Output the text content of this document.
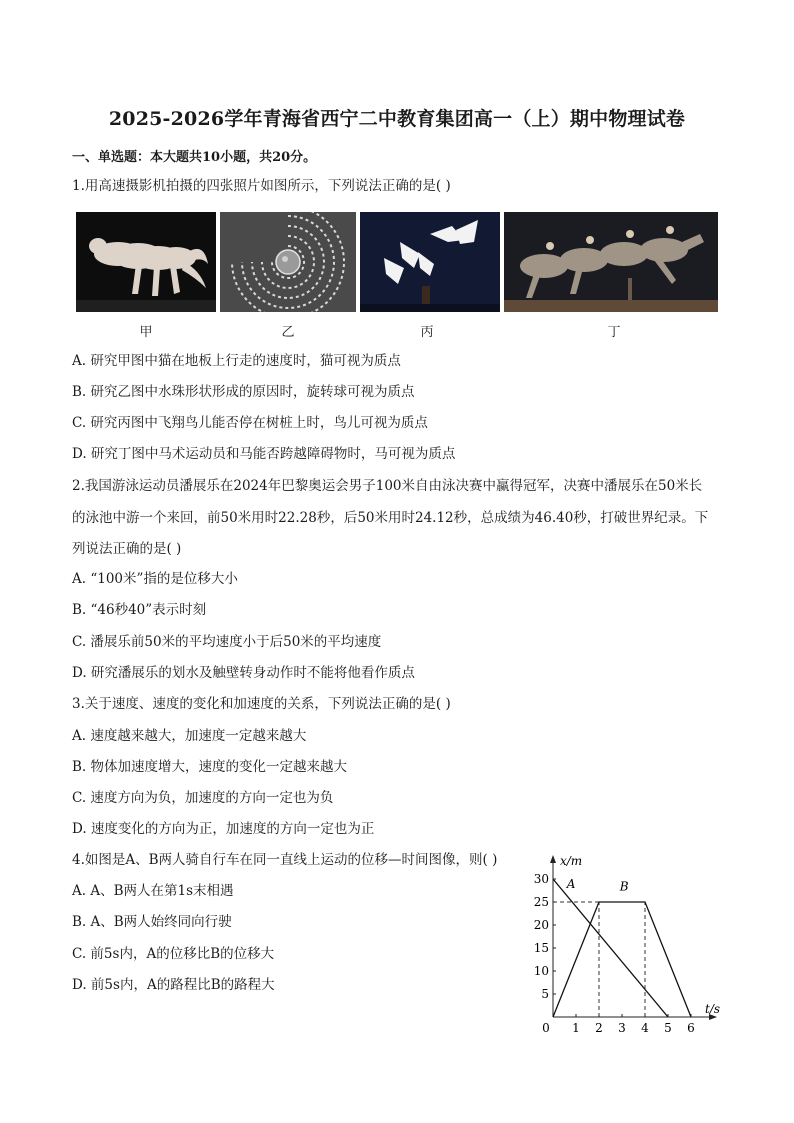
2025-2026学年青海省西宁二中教育集团高一（上）期中物理试卷
一、单选题：本大题共10小题，共20分。
1.用高速摄影机拍摄的四张照片如图所示，下列说法正确的是( )
甲	乙	丙	丁
A. 研究甲图中猫在地板上行走的速度时，猫可视为质点
B. 研究乙图中水珠形状形成的原因时，旋转球可视为质点
C. 研究丙图中飞翔鸟儿能否停在树桩上时，鸟儿可视为质点
D. 研究丁图中马术运动员和马能否跨越障碍物时，马可视为质点
2.我国游泳运动员潘展乐在2024年巴黎奥运会男子100米自由泳决赛中赢得冠军，决赛中潘展乐在50米长
的泳池中游一个来回，前50米用时22.28秒，后50米用时24.12秒，总成绩为46.40秒，打破世界纪录。下
列说法正确的是( )
A. “100米”指的是位移大小
B. “46秒40”表示时刻
C. 潘展乐前50米的平均速度小于后50米的平均速度
D. 研究潘展乐的划水及触壁转身动作时不能将他看作质点
3.关于速度、速度的变化和加速度的关系，下列说法正确的是( )
A. 速度越来越大，加速度一定越来越大
B. 物体加速度增大，速度的变化一定越来越大
C. 速度方向为负，加速度的方向一定也为负
D. 速度变化的方向为正，加速度的方向一定也为正
4.如图是A、B两人骑自行车在同一直线上运动的位移—时间图像，则( )
A. A、B两人在第1s末相遇
B. A、B两人始终同向行驶
C. 前5s内，A的位移比B的位移大
D. 前5s内，A的路程比B的路程大
1 2 3 4 5 6
5
10
15
20
25
30
0
t/s
x/m
A	B
